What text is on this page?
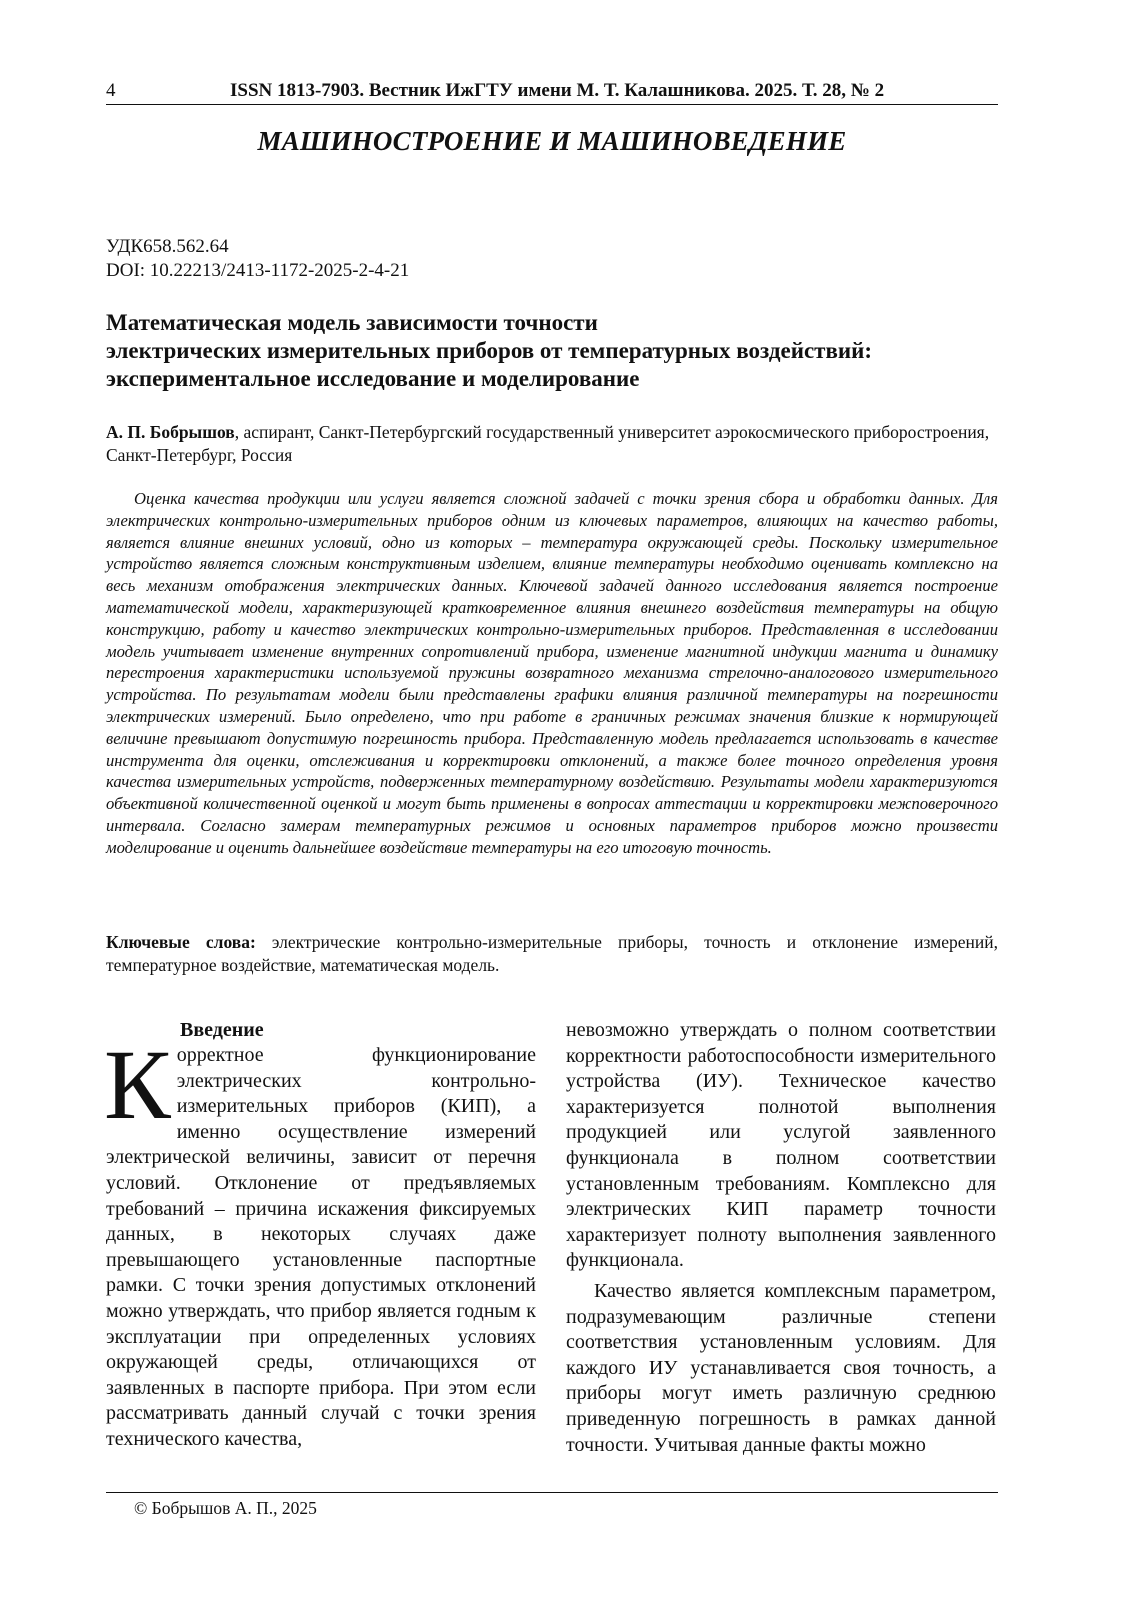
4	ISSN 1813-7903. Вестник ИжГТУ имени М. Т. Калашникова. 2025. Т. 28, № 2
МАШИНОСТРОЕНИЕ И МАШИНОВЕДЕНИЕ
УДК658.562.64
DOI: 10.22213/2413-1172-2025-2-4-21
Математическая модель зависимости точности
электрических измерительных приборов от температурных воздействий:
экспериментальное исследование и моделирование
А. П. Бобрышов, аспирант, Санкт-Петербургский государственный университет аэрокосмического приборостроения, Санкт-Петербург, Россия
Оценка качества продукции или услуги является сложной задачей с точки зрения сбора и обработки данных. Для электрических контрольно-измерительных приборов одним из ключевых параметров, влияющих на качество работы, является влияние внешних условий, одно из которых – температура окружающей среды. Поскольку измерительное устройство является сложным конструктивным изделием, влияние температуры необходимо оценивать комплексно на весь механизм отображения электрических данных. Ключевой задачей данного исследования является построение математической модели, характеризующей кратковременное влияния внешнего воздействия температуры на общую конструкцию, работу и качество электрических контрольно-измерительных приборов. Представленная в исследовании модель учитывает изменение внутренних сопротивлений прибора, изменение магнитной индукции магнита и динамику перестроения характеристики используемой пружины возвратного механизма стрелочно-аналогового измерительного устройства. По результатам модели были представлены графики влияния различной температуры на погрешности электрических измерений. Было определено, что при работе в граничных режимах значения близкие к нормирующей величине превышают допустимую погрешность прибора. Представленную модель предлагается использовать в качестве инструмента для оценки, отслеживания и корректировки отклонений, а также более точного определения уровня качества измерительных устройств, подверженных температурному воздействию. Результаты модели характеризуются объективной количественной оценкой и могут быть применены в вопросах аттестации и корректировки межповерочного интервала. Согласно замерам температурных режимов и основных параметров приборов можно произвести моделирование и оценить дальнейшее воздействие температуры на его итоговую точность.
Ключевые слова: электрические контрольно-измерительные приборы, точность и отклонение измерений, температурное воздействие, математическая модель.
Введение

Корректное функционирование электрических контрольно-измерительных приборов (КИП), а именно осуществление измерений электрической величины, зависит от перечня условий. Отклонение от предъявляемых требований – причина искажения фиксируемых данных, в некоторых случаях даже превышающего установленные паспортные рамки. С точки зрения допустимых отклонений можно утверждать, что прибор является годным к эксплуатации при определенных условиях окружающей среды, отличающихся от заявленных в паспорте прибора. При этом если рассматривать данный случай с точки зрения технического качества,

невозможно утверждать о полном соответствии корректности работоспособности измерительного устройства (ИУ). Техническое качество характеризуется полнотой выполнения продукцией или услугой заявленного функционала в полном соответствии установленным требованиям. Комплексно для электрических КИП параметр точности характеризует полноту выполнения заявленного функционала.

Качество является комплексным параметром, подразумевающим различные степени соответствия установленным условиям. Для каждого ИУ устанавливается своя точность, а приборы могут иметь различную среднюю приведенную погрешность в рамках данной точности. Учитывая данные факты можно

© Бобрышов А. П., 2025
